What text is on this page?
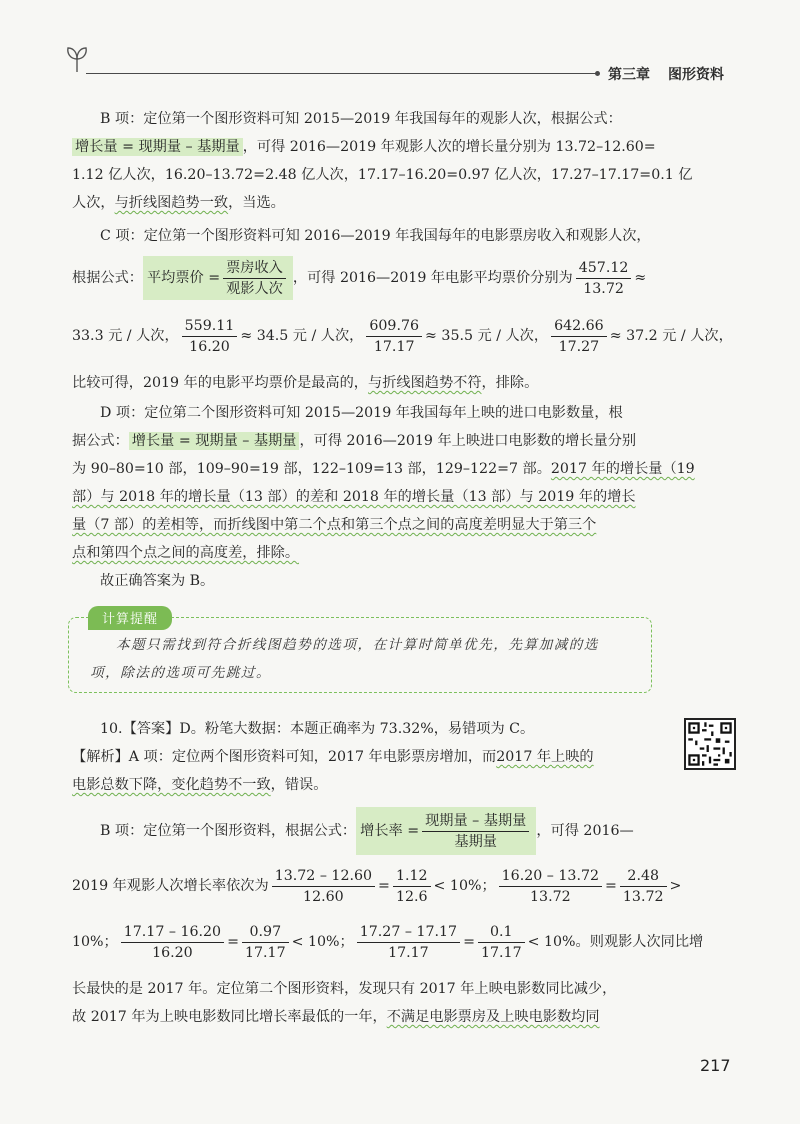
第三章 图形资料
B 项：定位第一个图形资料可知 2015—2019 年我国每年的观影人次，根据公式：
增长量 = 现期量 – 基期量 ，可得 2016—2019 年观影人次的增长量分别为 13.72–12.60=
1.12 亿人次，16.20–13.72=2.48 亿人次，17.17–16.20=0.97 亿人次，17.27–17.17=0.1 亿
人次，与折线图趋势一致，当选。
C 项：定位第一个图形资料可知 2016—2019 年我国每年的电影票房收入和观影人次，
根据公式： 平均票价 = $\frac{\text{票房收入}}{\text{观影人次}}$ ，可得 2016—2019 年电影平均票价分别为 $\frac{457.12}{13.72}$ ≈
33.3 元 / 人次， $\frac{559.11}{16.20} \approx 34.5$ 元 / 人次， $\frac{609.76}{17.17} \approx 35.5$ 元 / 人次， $\frac{642.66}{17.27} \approx 37.2$ 元 / 人次，
比较可得，2019 年的电影平均票价是最高的，与折线图趋势不符，排除。
D 项：定位第二个图形资料可知 2015—2019 年我国每年上映的进口电影数量，根
据公式： 增长量 = 现期量 – 基期量 ，可得 2016—2019 年上映进口电影数的增长量分别
为 90–80=10 部，109–90=19 部，122–109=13 部，129–122=7 部。2017 年的增长量（19
部）与 2018 年的增长量（13 部）的差和 2018 年的增长量（13 部）与 2019 年的增长
量（7 部）的差相等，而折线图中第二个点和第三个点之间的高度差明显大于第三个
点和第四个点之间的高度差，排除。
故正确答案为 B。
计算提醒
本题只需找到符合折线图趋势的选项，在计算时简单优先，先算加减的选
项，除法的选项可先跳过。
10.【答案】D。粉笔大数据：本题正确率为 73.32%，易错项为 C。
【解析】A 项：定位两个图形资料可知，2017 年电影票房增加，而2017 年上映的
电影总数下降，变化趋势不一致，错误。
B 项：定位第一个图形资料，根据公式： 增长率 = $\frac{\text{现期量 – 基期量}}{\text{基期量}}$ ，可得 2016—
2019 年观影人次增长率依次为 $\frac{13.72 - 12.60}{12.60} = \frac{1.12}{12.6} < 10\%$； $\frac{16.20 - 13.72}{13.72} = \frac{2.48}{13.72}$ >
10%； $\frac{17.17 - 16.20}{16.20} = \frac{0.97}{17.17} < 10\%$； $\frac{17.27 - 17.17}{17.17} = \frac{0.1}{17.17} < 10\%$。则观影人次同比增
长最快的是 2017 年。定位第二个图形资料，发现只有 2017 年上映电影数同比减少，
故 2017 年为上映电影数同比增长率最低的一年，不满足电影票房及上映电影数均同
217
